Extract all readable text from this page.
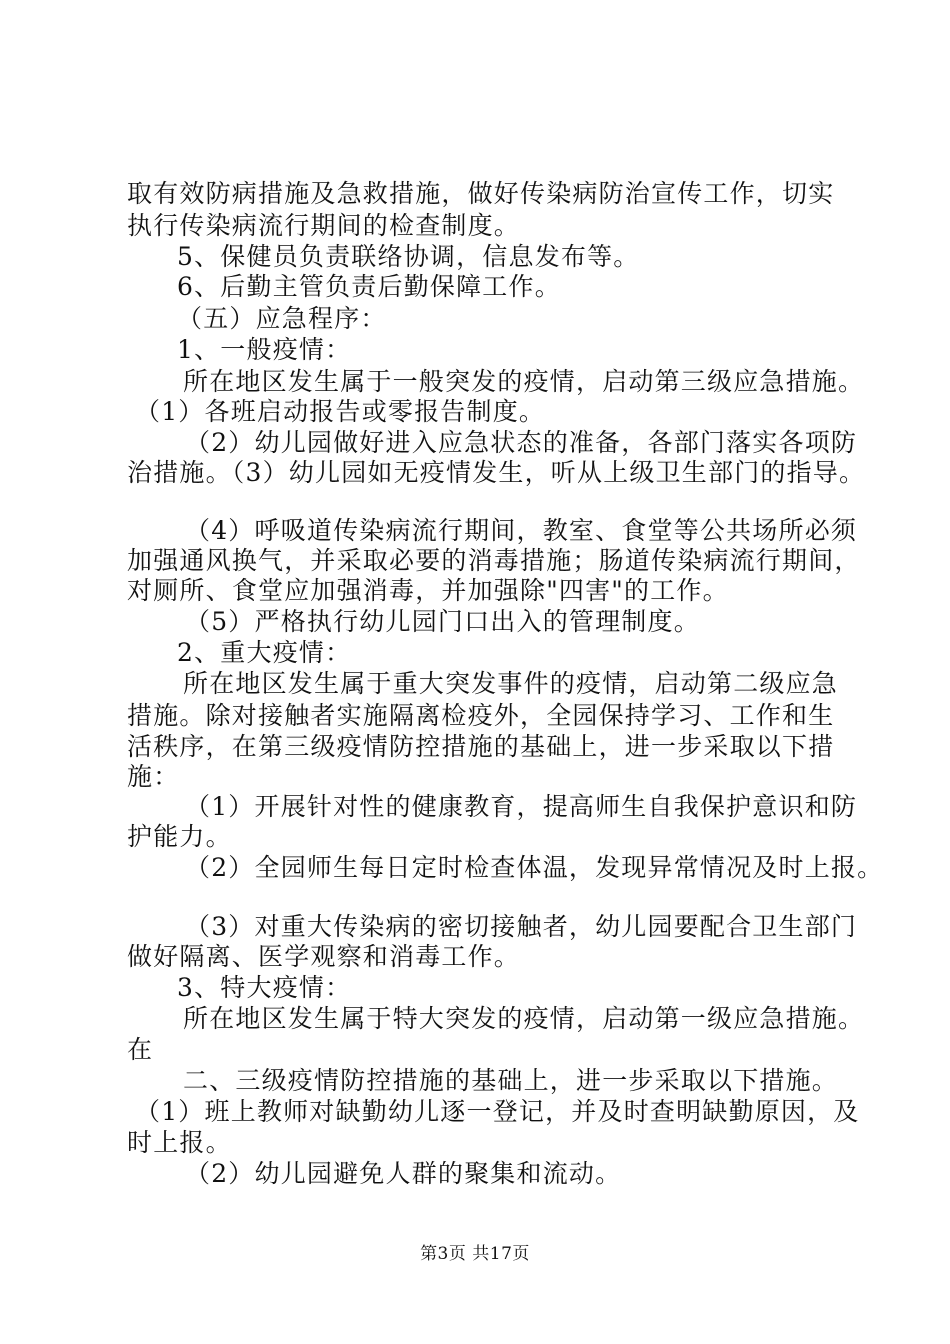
取有效防病措施及急救措施，做好传染病防治宣传工作，切实
执行传染病流行期间的检查制度。
5、保健员负责联络协调，信息发布等。
6、后勤主管负责后勤保障工作。
（五）应急程序：
1、一般疫情：
所在地区发生属于一般突发的疫情，启动第三级应急措施。
（1）各班启动报告或零报告制度。
（2）幼儿园做好进入应急状态的准备，各部门落实各项防
治措施。（3）幼儿园如无疫情发生，听从上级卫生部门的指导。
（4）呼吸道传染病流行期间，教室、食堂等公共场所必须
加强通风换气，并采取必要的消毒措施；肠道传染病流行期间，
对厕所、食堂应加强消毒，并加强除"四害"的工作。
（5）严格执行幼儿园门口出入的管理制度。
2、重大疫情：
所在地区发生属于重大突发事件的疫情，启动第二级应急
措施。除对接触者实施隔离检疫外，全园保持学习、工作和生
活秩序，在第三级疫情防控措施的基础上，进一步采取以下措
施：
（1）开展针对性的健康教育，提高师生自我保护意识和防
护能力。
（2）全园师生每日定时检查体温，发现异常情况及时上报。
（3）对重大传染病的密切接触者，幼儿园要配合卫生部门
做好隔离、医学观察和消毒工作。
3、特大疫情：
所在地区发生属于特大突发的疫情，启动第一级应急措施。
在
二、三级疫情防控措施的基础上，进一步采取以下措施。
（1）班上教师对缺勤幼儿逐一登记，并及时查明缺勤原因，及
时上报。
（2）幼儿园避免人群的聚集和流动。
第3页 共17页
